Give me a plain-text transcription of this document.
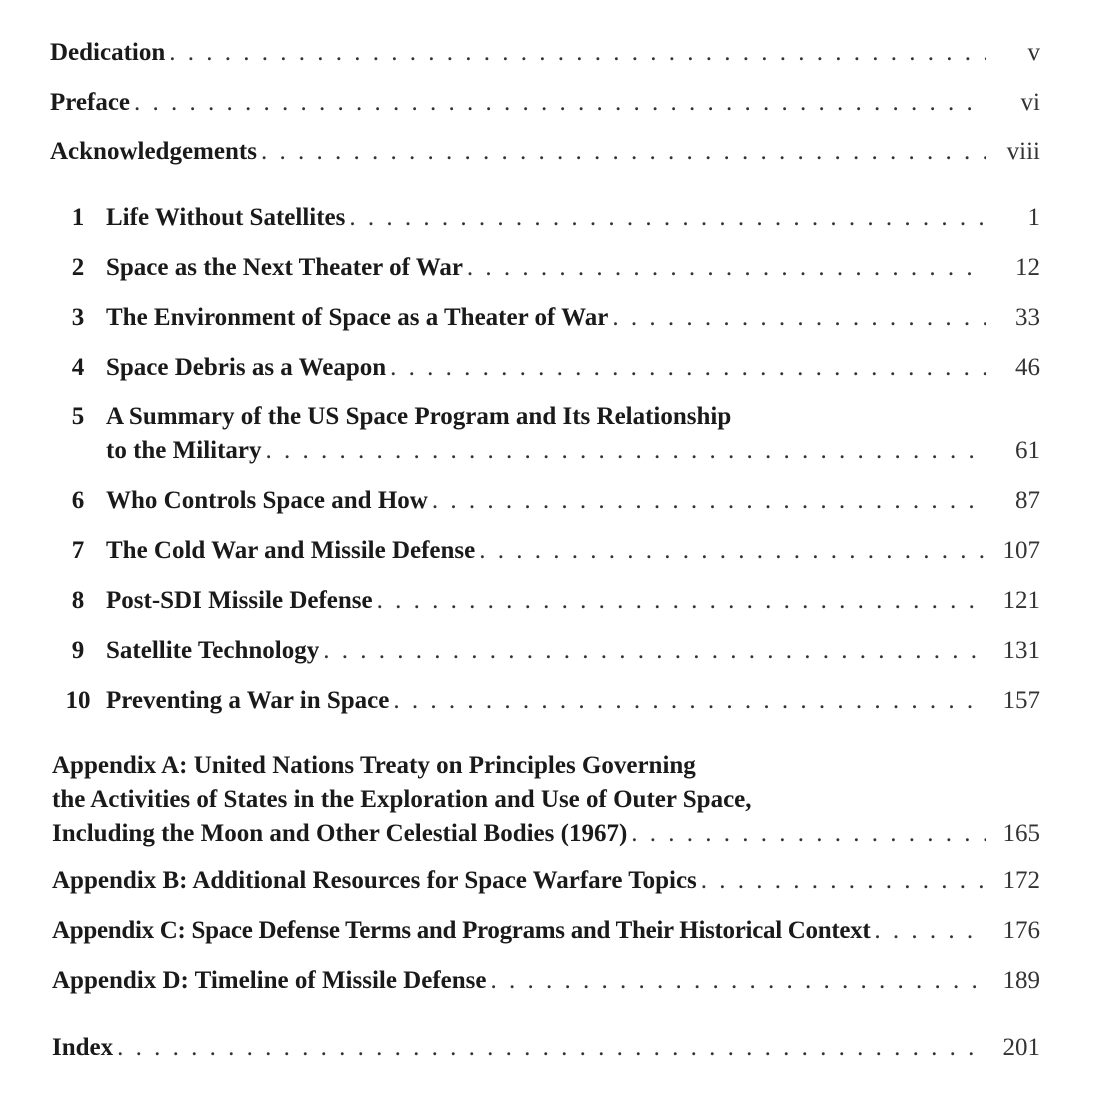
Dedication . . .	v
Preface . . .	vi
Acknowledgements . . .	viii
1 Life Without Satellites . . .	1
2 Space as the Next Theater of War . . .	12
3 The Environment of Space as a Theater of War . . .	33
4 Space Debris as a Weapon . . .	46
5 A Summary of the US Space Program and Its Relationship
to the Military . . .	61
6 Who Controls Space and How . . .	87
7 The Cold War and Missile Defense . . .	107
8 Post-SDI Missile Defense . . .	121
9 Satellite Technology . . .	131
10 Preventing a War in Space . . .	157
Appendix A: United Nations Treaty on Principles Governing
the Activities of States in the Exploration and Use of Outer Space,
Including the Moon and Other Celestial Bodies (1967) . . .	165
Appendix B: Additional Resources for Space Warfare Topics . . .	172
Appendix C: Space Defense Terms and Programs and Their Historical Context . . .	176
Appendix D: Timeline of Missile Defense . . .	189
Index . . .	201
